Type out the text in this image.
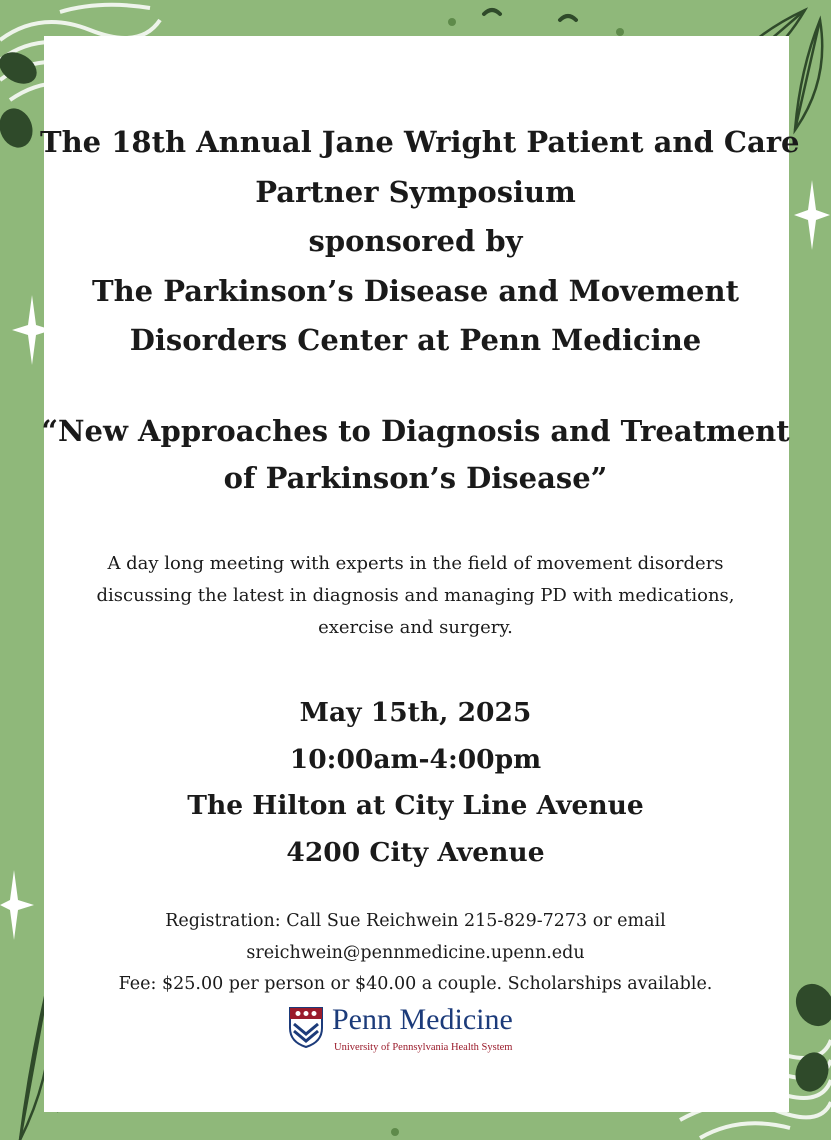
The 18th Annual Jane Wright Patient and Care
Partner Symposium
sponsored by
The Parkinson’s Disease and Movement
Disorders Center at Penn Medicine
“New Approaches to Diagnosis and Treatment
of Parkinson’s Disease”
A day long meeting with experts in the field of movement disorders
discussing the latest in diagnosis and managing PD with medications,
exercise and surgery.
May 15th, 2025
10:00am-4:00pm
The Hilton at City Line Avenue
4200 City Avenue
Registration: Call Sue Reichwein 215-829-7273 or email
sreichwein@pennmedicine.upenn.edu
Fee: $25.00 per person or $40.00 a couple. Scholarships available.
Penn Medicine
University of Pennsylvania Health System
